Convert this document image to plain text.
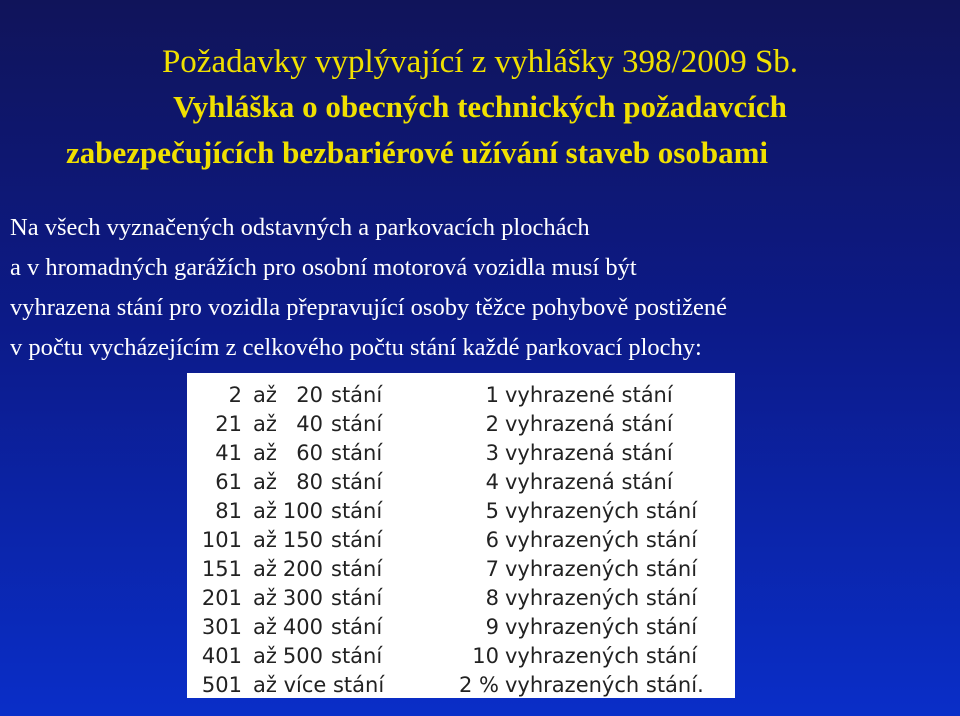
Požadavky vyplývající z vyhlášky 398/2009 Sb.
Vyhláška o obecných technických požadavcích
zabezpečujících bezbariérové užívání staveb osobami
Na všech vyznačených odstavných a parkovacích plochách
a v hromadných garážích pro osobní motorová vozidla musí být
vyhrazena stání pro vozidla přepravující osoby těžce pohybově postižené
v počtu vycházejícím z celkového počtu stání každé parkovací plochy:
2 až 20 stání	1 vyhrazené stání
21 až 40 stání	2 vyhrazená stání
41 až 60 stání	3 vyhrazená stání
61 až 80 stání	4 vyhrazená stání
81 až 100 stání	5 vyhrazených stání
101 až 150 stání	6 vyhrazených stání
151 až 200 stání	7 vyhrazených stání
201 až 300 stání	8 vyhrazených stání
301 až 400 stání	9 vyhrazených stání
401 až 500 stání	10 vyhrazených stání
501 až více stání	2 % vyhrazených stání.
